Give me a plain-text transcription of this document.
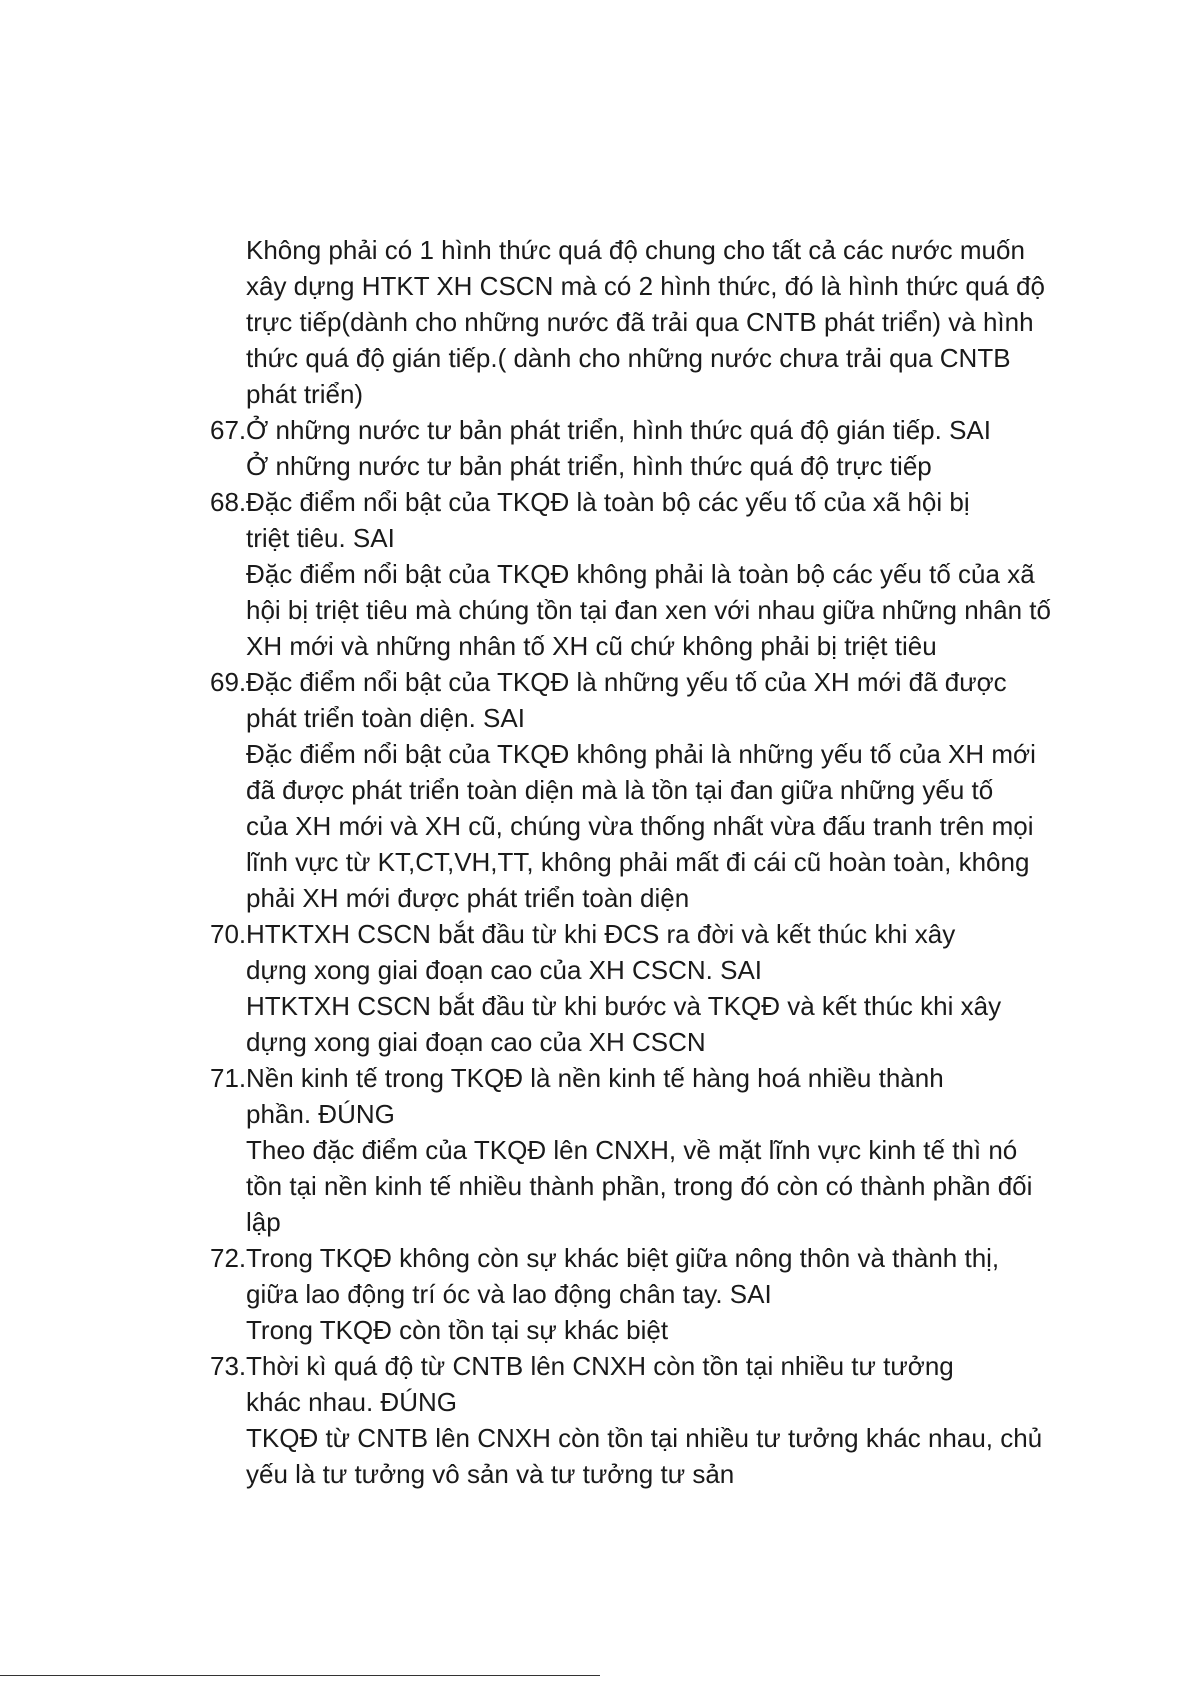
Không phải có 1 hình thức quá độ chung cho tất cả các nước muốn
xây dựng HTKT XH CSCN mà có 2 hình thức, đó là hình thức quá độ
trực tiếp(dành cho những nước đã trải qua CNTB phát triển) và hình
thức quá độ gián tiếp.( dành cho những nước chưa trải qua CNTB
phát triển)
67. Ở những nước tư bản phát triển, hình thức quá độ gián tiếp. SAI
Ở những nước tư bản phát triển, hình thức quá độ trực tiếp
68. Đặc điểm nổi bật của TKQĐ là toàn bộ các yếu tố của xã hội bị
triệt tiêu. SAI
Đặc điểm nổi bật của TKQĐ không phải là toàn bộ các yếu tố của xã
hội bị triệt tiêu mà chúng tồn tại đan xen với nhau giữa những nhân tố
XH mới và những nhân tố XH cũ chứ không phải bị triệt tiêu
69. Đặc điểm nổi bật của TKQĐ là những yếu tố của XH mới đã được
phát triển toàn diện. SAI
Đặc điểm nổi bật của TKQĐ không phải là những yếu tố của XH mới
đã được phát triển toàn diện mà là tồn tại đan giữa những yếu tố
của XH mới và XH cũ, chúng vừa thống nhất vừa đấu tranh trên mọi
lĩnh vực từ KT,CT,VH,TT, không phải mất đi cái cũ hoàn toàn, không
phải XH mới được phát triển toàn diện
70. HTKTXH CSCN bắt đầu từ khi ĐCS ra đời và kết thúc khi xây
dựng xong giai đoạn cao của XH CSCN. SAI
HTKTXH CSCN bắt đầu từ khi bước và TKQĐ và kết thúc khi xây
dựng xong giai đoạn cao của XH CSCN
71. Nền kinh tế trong TKQĐ là nền kinh tế hàng hoá nhiều thành
phần. ĐÚNG
Theo đặc điểm của TKQĐ lên CNXH, về mặt lĩnh vực kinh tế thì nó
tồn tại nền kinh tế nhiều thành phần, trong đó còn có thành phần đối
lập
72. Trong TKQĐ không còn sự khác biệt giữa nông thôn và thành thị,
giữa lao động trí óc và lao động chân tay. SAI
Trong TKQĐ còn tồn tại sự khác biệt
73. Thời kì quá độ từ CNTB lên CNXH còn tồn tại nhiều tư tưởng
khác nhau. ĐÚNG
TKQĐ từ CNTB lên CNXH còn tồn tại nhiều tư tưởng khác nhau, chủ
yếu là tư tưởng vô sản và tư tưởng tư sản
